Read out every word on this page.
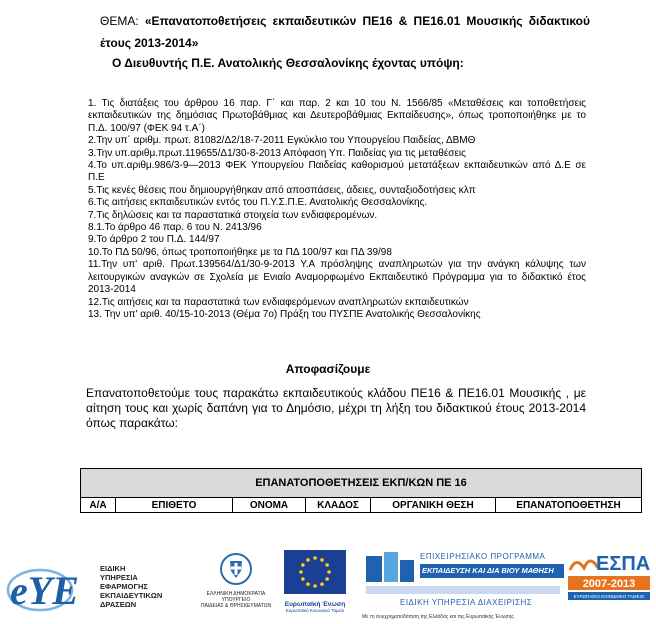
ΘΕΜΑ: «Επανατοποθετήσεις εκπαιδευτικών ΠΕ16 & ΠΕ16.01 Μουσικής διδακτικού έτους 2013-2014»
Ο Διευθυντής Π.Ε. Ανατολικής Θεσσαλονίκης έχοντας υπόψη:
1. Τις διατάξεις του άρθρου 16 παρ. Γ΄ και παρ. 2 και 10 του Ν. 1566/85 «Μεταθέσεις και τοποθετήσεις εκπαιδευτικών της δημόσιας Πρωτοβάθμιας και Δευτεροβάθμιας Εκπαίδευσης», όπως τροποποιήθηκε με το Π.Δ. 100/97 (ΦΕΚ 94 τ.Α΄)
2.Την υπ΄ αριθμ. πρωτ. 81082/Δ2/18-7-2011 Εγκύκλιο του Υπουργείου Παιδείας, ΔΒΜΘ
3.Την υπ.αριθμ.πρωτ.119655/Δ1/30-8-2013 Απόφαση Υπ. Παιδείας για τις μεταθέσεις
4.Το υπ.αριθμ.986/3-9—2013 ΦΕΚ Υπουργείου Παιδείας καθορισμού μετατάξεων εκπαιδευτικών από Δ.Ε σε Π.Ε
5.Τις κενές θέσεις που δημιουργήθηκαν από αποσπάσεις, άδειες, συνταξιοδοτήσεις κλπ
6.Τις αιτήσεις εκπαιδευτικών εντός του Π.Υ.Σ.Π.Ε. Ανατολικής Θεσσαλονίκης.
7.Τις δηλώσεις και τα παραστατικά στοιχεία των ενδιαφερομένων.
8.1.Το άρθρο 46 παρ. 6 του Ν. 2413/96
9.Το άρθρο 2 του Π.Δ. 144/97
10.Το ΠΔ 50/96, όπως τροποποιήθηκε με τα ΠΔ 100/97 και ΠΔ 39/98
11.Την υπ' αριθ. Πρωτ.139564/Δ1/30-9-2013 Υ.Α πρόσληψης αναπληρωτών για την ανάγκη κάλυψης των λειτουργικών αναγκών σε Σχολεία με Ενιαίο Αναμορφωμένο Εκπαιδευτικό Πρόγραμμα για το διδακτικό έτος 2013-2014
12.Τις αιτήσεις και τα παραστατικά των ενδιαφερόμενων αναπληρωτών εκπαιδευτικών
13. Την υπ' αριθ. 40/15-10-2013 (Θέμα 7ο) Πράξη του ΠΥΣΠΕ Ανατολικής Θεσσαλονίκης
Αποφασίζουμε
Επανατοποθετούμε τους παρακάτω εκπαιδευτικούς κλάδου ΠΕ16 & ΠΕ16.01 Μουσικής , με αίτηση τους και χωρίς δαπάνη για το Δημόσιο, μέχρι τη λήξη του διδακτικού έτους 2013-2014 όπως παρακάτω:
ΕΠΑΝΑΤΟΠΟΘΕΤΗΣΕΙΣ ΕΚΠ/ΚΩΝ ΠΕ 16
Α/Α	ΕΠΙΘΕΤΟ	ΟΝΟΜΑ	ΚΛΑΔΟΣ	ΟΡΓΑΝΙΚΗ ΘΕΣΗ	ΕΠΑΝΑΤΟΠΟΘΕΤΗΣΗ
eYE	ΕΙΔΙΚΗ
ΥΠΗΡΕΣΙΑ
ΕΦΑΡΜΟΓΗΣ
ΕΚΠΑΙΔΕΥΤΙΚΩΝ
ΔΡΑΣΕΩΝ
ΕΛΛΗΝΙΚΗ ΔΗΜΟΚΡΑΤΙΑ
ΥΠΟΥΡΓΕΙΟ
ΠΑΙΔΕΙΑΣ & ΘΡΗΣΚΕΥΜΑΤΩΝ	Ευρωπαϊκή Ένωση
Ευρωπαϊκό Κοινωνικό Ταμείο
ΕΠΙΧΕΙΡΗΣΙΑΚΟ ΠΡΟΓΡΑΜΜΑ
ΕΚΠΑΙΔΕΥΣΗ ΚΑΙ ΔΙΑ ΒΙΟΥ ΜΑΘΗΣΗ
ΕΙΔΙΚΗ ΥΠΗΡΕΣΙΑ ΔΙΑΧΕΙΡΙΣΗΣ
Με τη συγχρηματοδότηση της Ελλάδας και της Ευρωπαϊκής Ένωσης
ΕΣΠΑ
2007-2013
ΕΥΡΩΠΑΪΚΟ ΚΟΙΝΩΝΙΚΟ ΤΑΜΕΙΟ
